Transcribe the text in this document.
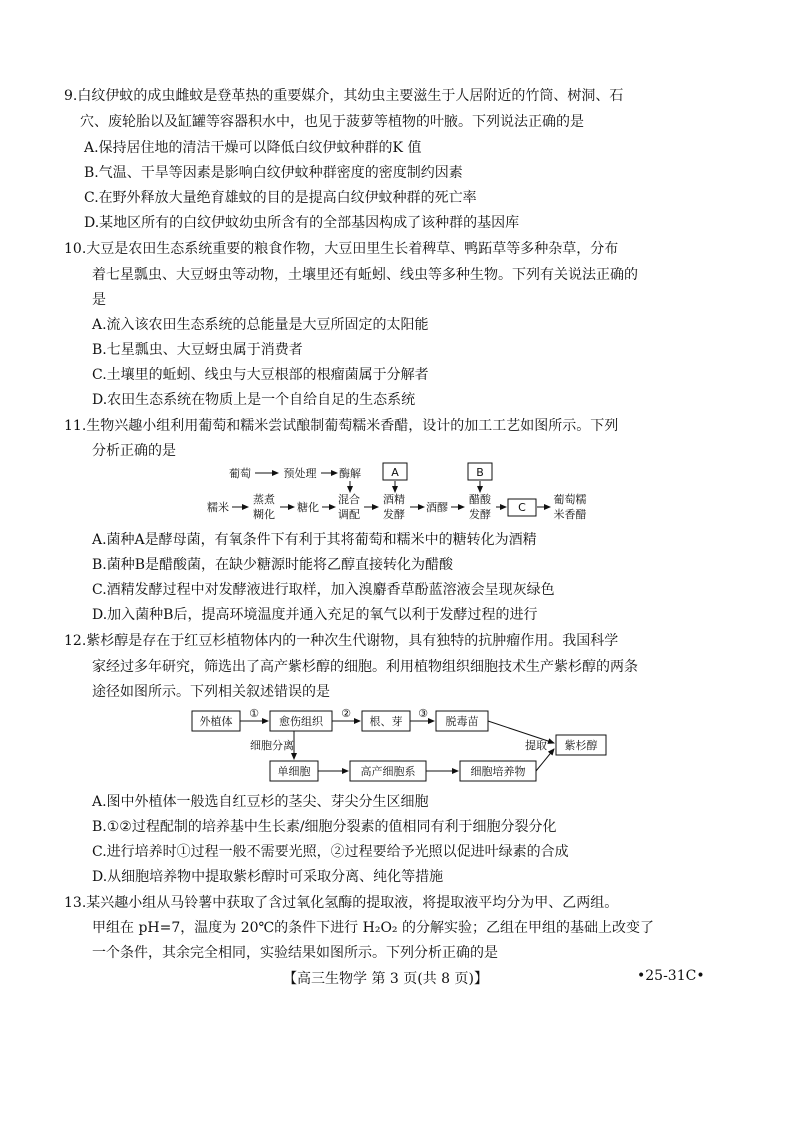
9.白纹伊蚊的成虫雌蚊是登革热的重要媒介，其幼虫主要滋生于人居附近的竹筒、树洞、石
穴、废轮胎以及缸罐等容器积水中，也见于菠萝等植物的叶腋。下列说法正确的是
A.保持居住地的清洁干燥可以降低白纹伊蚊种群的K 值
B.气温、干旱等因素是影响白纹伊蚊种群密度的密度制约因素
C.在野外释放大量绝育雄蚊的目的是提高白纹伊蚊种群的死亡率
D.某地区所有的白纹伊蚊幼虫所含有的全部基因构成了该种群的基因库
10.大豆是农田生态系统重要的粮食作物，大豆田里生长着稗草、鸭跖草等多种杂草，分布
着七星瓢虫、大豆蚜虫等动物，土壤里还有蚯蚓、线虫等多种生物。下列有关说法正确的
是
A.流入该农田生态系统的总能量是大豆所固定的太阳能
B.七星瓢虫、大豆蚜虫属于消费者
C.土壤里的蚯蚓、线虫与大豆根部的根瘤菌属于分解者
D.农田生态系统在物质上是一个自给自足的生态系统
11.生物兴趣小组利用葡萄和糯米尝试酿制葡萄糯米香醋，设计的加工工艺如图所示。下列
分析正确的是
葡萄	预处理 酶解	A	B
糯米
蒸煮
糊化
糖化
混合
调配
酒精
发酵
酒醪
醋酸
发酵
C
葡萄糯
米香醋
A.菌种A是酵母菌，有氧条件下有利于其将葡萄和糯米中的糖转化为酒精
B.菌种B是醋酸菌，在缺少糖源时能将乙醇直接转化为醋酸
C.酒精发酵过程中对发酵液进行取样，加入溴麝香草酚蓝溶液会呈现灰绿色
D.加入菌种B后，提高环境温度并通入充足的氧气以利于发酵过程的进行
12.紫杉醇是存在于红豆杉植物体内的一种次生代谢物，具有独特的抗肿瘤作用。我国科学
家经过多年研究，筛选出了高产紫杉醇的细胞。利用植物组织细胞技术生产紫杉醇的两条
途径如图所示。下列相关叙述错误的是
外植体
①
愈伤组织
②
根、芽
③
脱毒苗
细胞分离	提取 紫杉醇
单细胞	高产细胞系	细胞培养物
A.图中外植体一般选自红豆杉的茎尖、芽尖分生区细胞
B.①②过程配制的培养基中生长素/细胞分裂素的值相同有利于细胞分裂分化
C.进行培养时①过程一般不需要光照，②过程要给予光照以促进叶绿素的合成
D.从细胞培养物中提取紫杉醇时可采取分离、纯化等措施
13.某兴趣小组从马铃薯中获取了含过氧化氢酶的提取液，将提取液平均分为甲、乙两组。
甲组在 pH=7，温度为 20℃的条件下进行 H₂O₂ 的分解实验；乙组在甲组的基础上改变了
一个条件，其余完全相同，实验结果如图所示。下列分析正确的是
【高三生物学 第 3 页(共 8 页)】	•25-31C•
